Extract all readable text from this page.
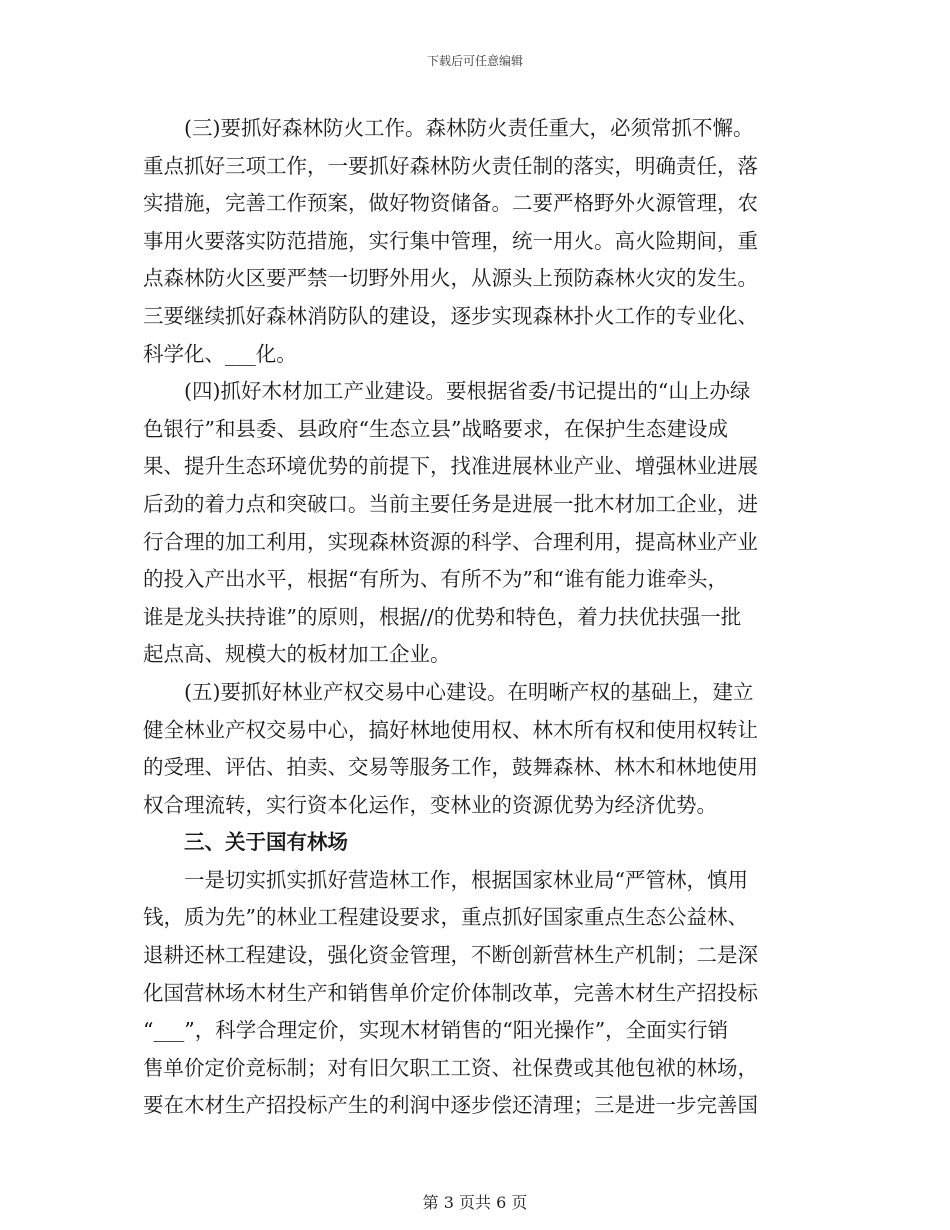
下载后可任意编辑
(三)要抓好森林防火工作。森林防火责任重大，必须常抓不懈。
重点抓好三项工作，一要抓好森林防火责任制的落实，明确责任，落
实措施，完善工作预案，做好物资储备。二要严格野外火源管理，农
事用火要落实防范措施，实行集中管理，统一用火。高火险期间，重
点森林防火区要严禁一切野外用火，从源头上预防森林火灾的发生。
三要继续抓好森林消防队的建设，逐步实现森林扑火工作的专业化、
科学化、___化。
(四)抓好木材加工产业建设。要根据省委/书记提出的“山上办绿
色银行”和县委、县政府“生态立县”战略要求，在保护生态建设成
果、提升生态环境优势的前提下，找准进展林业产业、增强林业进展
后劲的着力点和突破口。当前主要任务是进展一批木材加工企业，进
行合理的加工利用，实现森林资源的科学、合理利用，提高林业产业
的投入产出水平，根据“有所为、有所不为”和“谁有能力谁牵头，
谁是龙头扶持谁”的原则，根据//的优势和特色，着力扶优扶强一批
起点高、规模大的板材加工企业。
(五)要抓好林业产权交易中心建设。在明晰产权的基础上，建立
健全林业产权交易中心，搞好林地使用权、林木所有权和使用权转让
的受理、评估、拍卖、交易等服务工作，鼓舞森林、林木和林地使用
权合理流转，实行资本化运作，变林业的资源优势为经济优势。
三、关于国有林场
一是切实抓实抓好营造林工作，根据国家林业局“严管林，慎用
钱，质为先”的林业工程建设要求，重点抓好国家重点生态公益林、
退耕还林工程建设，强化资金管理，不断创新营林生产机制；二是深
化国营林场木材生产和销售单价定价体制改革，完善木材生产招投标
“___”，科学合理定价，实现木材销售的“阳光操作”，全面实行销
售单价定价竞标制；对有旧欠职工工资、社保费或其他包袱的林场，
要在木材生产招投标产生的利润中逐步偿还清理；三是进一步完善国
第 3 页共 6 页
